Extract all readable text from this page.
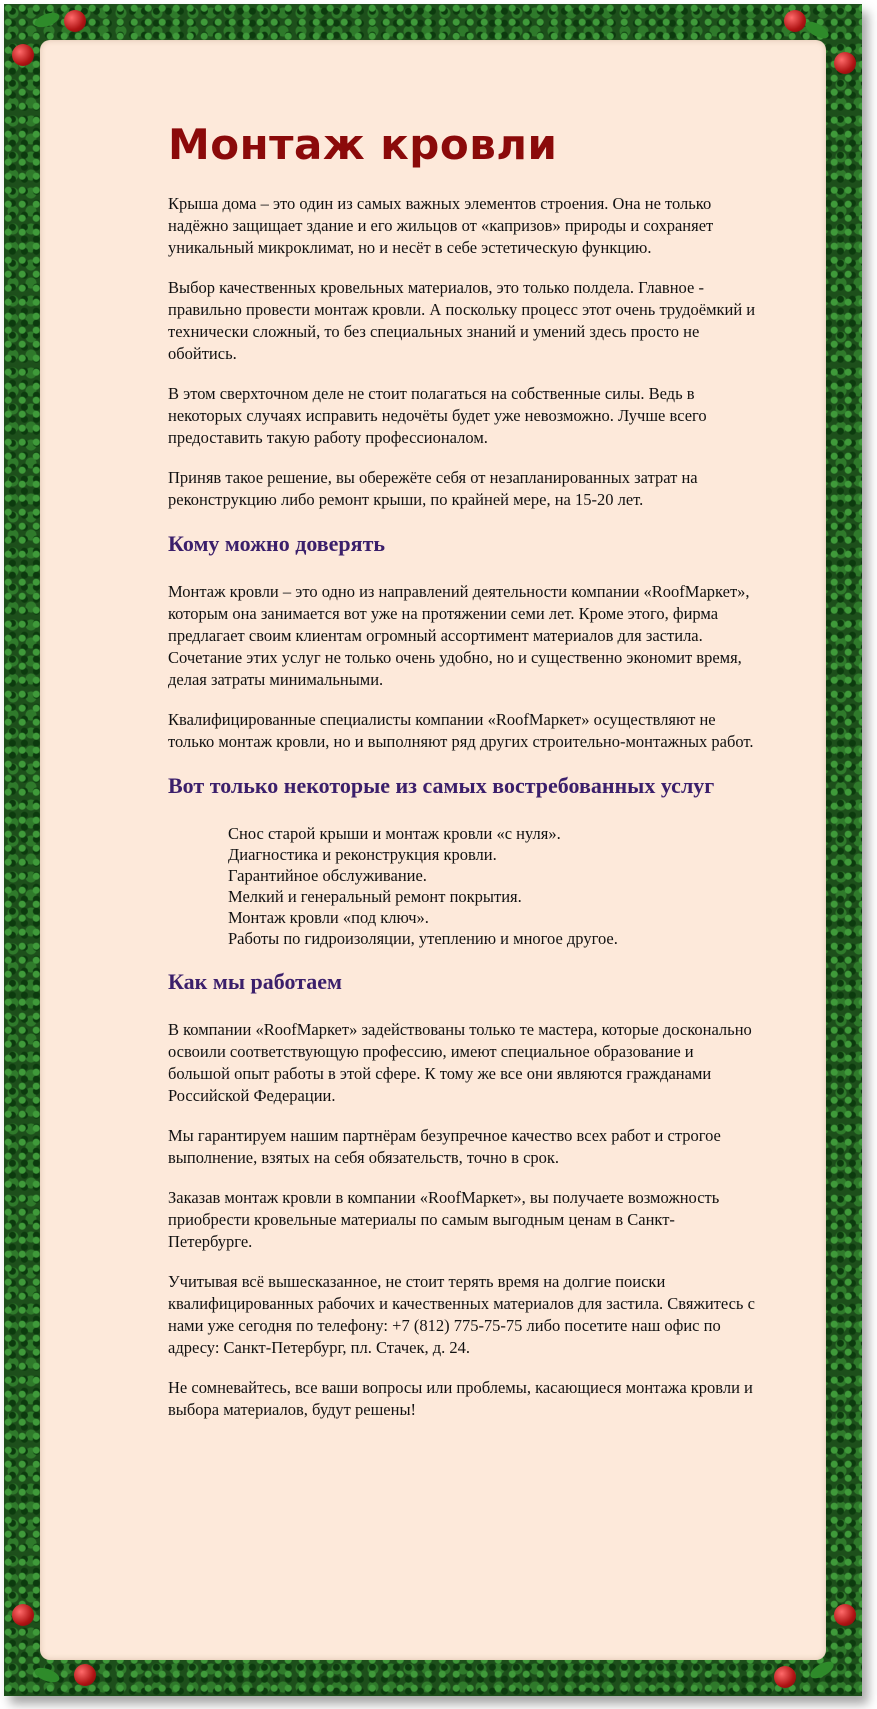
Монтаж кровли

Крыша дома – это один из самых важных элементов строения. Она не только надёжно защищает здание и его жильцов от «капризов» природы и сохраняет уникальный микроклимат, но и несёт в себе эстетическую функцию.

Выбор качественных кровельных материалов, это только полдела. Главное - правильно провести монтаж кровли. А поскольку процесс этот очень трудоёмкий и технически сложный, то без специальных знаний и умений здесь просто не обойтись.

В этом сверхточном деле не стоит полагаться на собственные силы. Ведь в некоторых случаях исправить недочёты будет уже невозможно. Лучше всего предоставить такую работу профессионалом.

Приняв такое решение, вы обережёте себя от незапланированных затрат на реконструкцию либо ремонт крыши, по крайней мере, на 15-20 лет.

Кому можно доверять

Монтаж кровли – это одно из направлений деятельности компании «RoofМаркет», которым она занимается вот уже на протяжении семи лет. Кроме этого, фирма предлагает своим клиентам огромный ассортимент материалов для застила. Сочетание этих услуг не только очень удобно, но и существенно экономит время, делая затраты минимальными.

Квалифицированные специалисты компании «RoofМаркет» осуществляют не только монтаж кровли, но и выполняют ряд других строительно-монтажных работ.

Вот только некоторые из самых востребованных услуг
Снос старой крыши и монтаж кровли «с нуля».
Диагностика и реконструкция кровли.
Гарантийное обслуживание.
Мелкий и генеральный ремонт покрытия.
Монтаж кровли «под ключ».
Работы по гидроизоляции, утеплению и многое другое.
Как мы работаем

В компании «RoofМаркет» задействованы только те мастера, которые досконально освоили соответствующую профессию, имеют специальное образование и большой опыт работы в этой сфере. К тому же все они являются гражданами Российской Федерации.

Мы гарантируем нашим партнёрам безупречное качество всех работ и строгое выполнение, взятых на себя обязательств, точно в срок.

Заказав монтаж кровли в компании «RoofМаркет», вы получаете возможность приобрести кровельные материалы по самым выгодным ценам в Санкт-Петербурге.

Учитывая всё вышесказанное, не стоит терять время на долгие поиски квалифицированных рабочих и качественных материалов для застила. Свяжитесь с нами уже сегодня по телефону: +7 (812) 775-75-75 либо посетите наш офис по адресу: Санкт-Петербург, пл. Стачек, д. 24.

Не сомневайтесь, все ваши вопросы или проблемы, касающиеся монтажа кровли и выбора материалов, будут решены!
